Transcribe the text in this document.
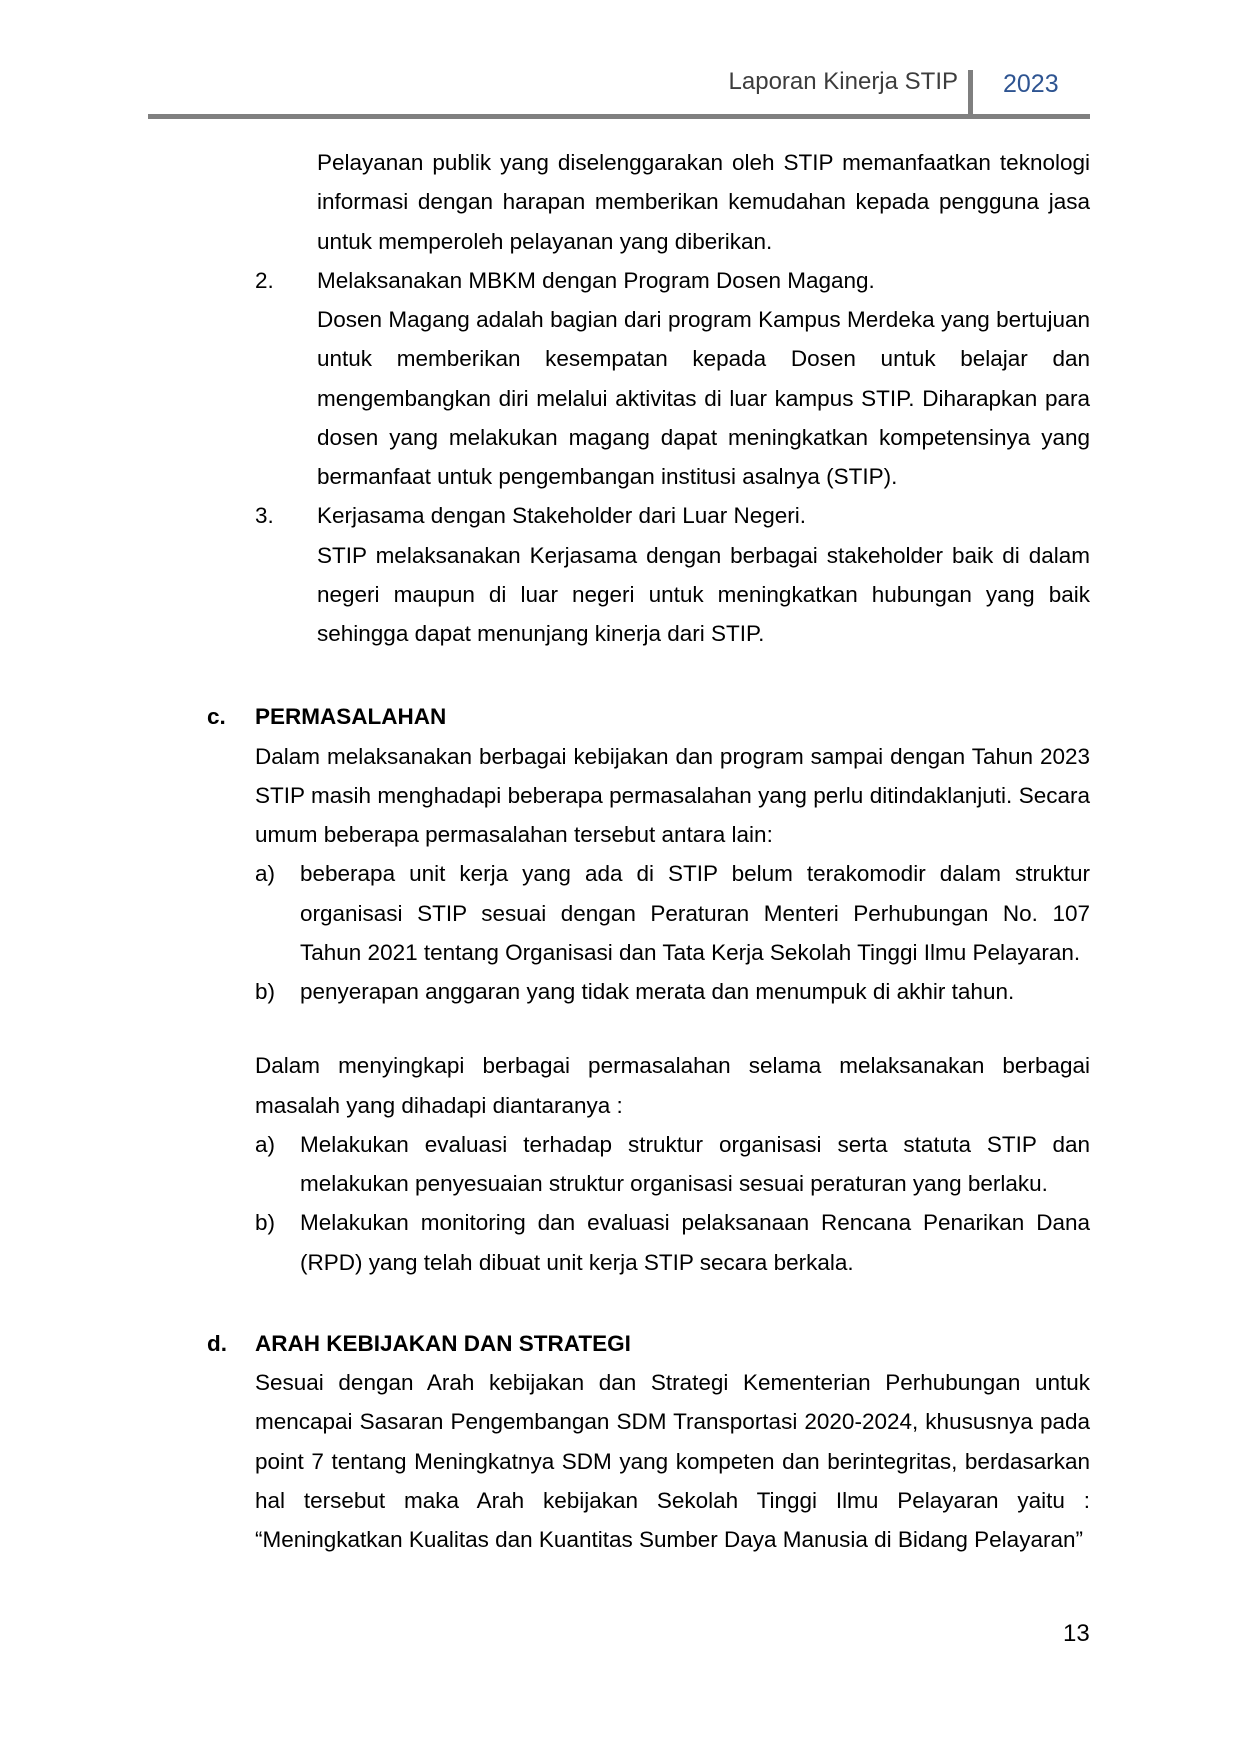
Laporan Kinerja STIP 2023
Pelayanan publik yang diselenggarakan oleh STIP memanfaatkan teknologi informasi dengan harapan memberikan kemudahan kepada pengguna jasa untuk memperoleh pelayanan yang diberikan.
2.	Melaksanakan MBKM dengan Program Dosen Magang.
Dosen Magang adalah bagian dari program Kampus Merdeka yang bertujuan untuk memberikan kesempatan kepada Dosen untuk belajar dan mengembangkan diri melalui aktivitas di luar kampus STIP. Diharapkan para dosen yang melakukan magang dapat meningkatkan kompetensinya yang bermanfaat untuk pengembangan institusi asalnya (STIP).
3.	Kerjasama dengan Stakeholder dari Luar Negeri.
STIP melaksanakan Kerjasama dengan berbagai stakeholder baik di dalam negeri maupun di luar negeri untuk meningkatkan hubungan yang baik sehingga dapat menunjang kinerja dari STIP.
c.	PERMASALAHAN
Dalam melaksanakan berbagai kebijakan dan program sampai dengan Tahun 2023 STIP masih menghadapi beberapa permasalahan yang perlu ditindaklanjuti. Secara umum beberapa permasalahan tersebut antara lain:
a)	beberapa unit kerja yang ada di STIP belum terakomodir dalam struktur organisasi STIP sesuai dengan Peraturan Menteri Perhubungan No. 107 Tahun 2021 tentang Organisasi dan Tata Kerja Sekolah Tinggi Ilmu Pelayaran.
b)	penyerapan anggaran yang tidak merata dan menumpuk di akhir tahun.
Dalam menyingkapi berbagai permasalahan selama melaksanakan berbagai masalah yang dihadapi diantaranya :
a)	Melakukan evaluasi terhadap struktur organisasi serta statuta STIP dan melakukan penyesuaian struktur organisasi sesuai peraturan yang berlaku.
b)	Melakukan monitoring dan evaluasi pelaksanaan Rencana Penarikan Dana (RPD) yang telah dibuat unit kerja STIP secara berkala.
d.	ARAH KEBIJAKAN DAN STRATEGI
Sesuai dengan Arah kebijakan dan Strategi Kementerian Perhubungan untuk mencapai Sasaran Pengembangan SDM Transportasi 2020-2024, khususnya pada point 7 tentang Meningkatnya SDM yang kompeten dan berintegritas, berdasarkan hal tersebut maka Arah kebijakan Sekolah Tinggi Ilmu Pelayaran yaitu : “Meningkatkan Kualitas dan Kuantitas Sumber Daya Manusia di Bidang Pelayaran”
13
